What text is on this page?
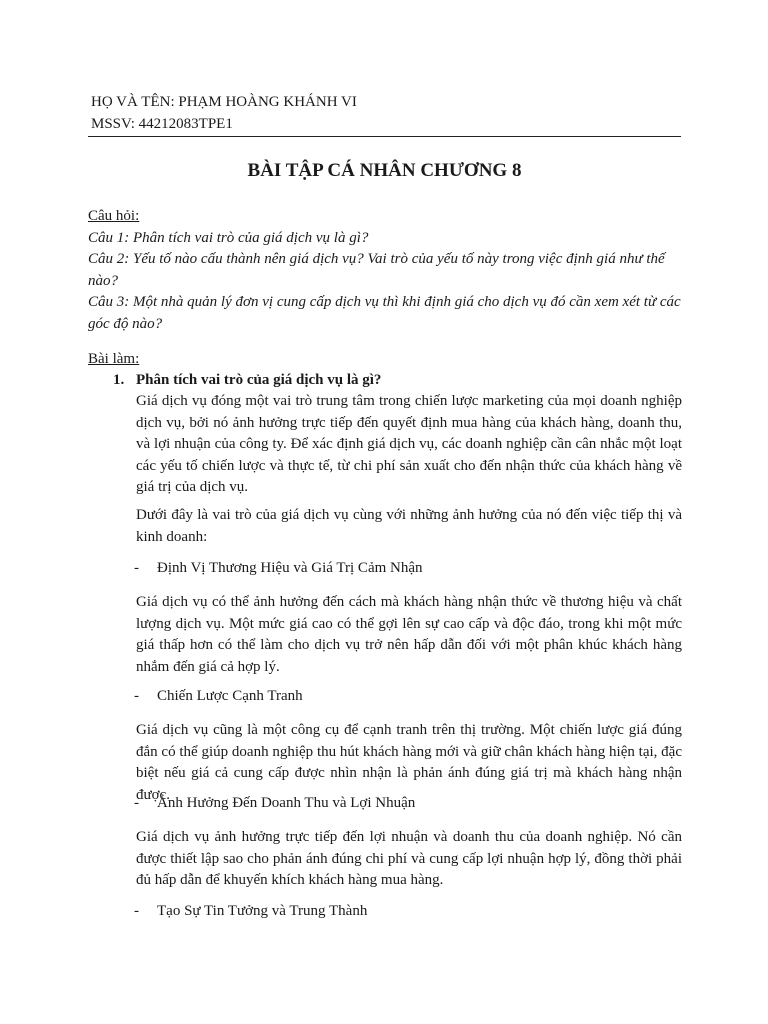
HỌ VÀ TÊN: PHẠM HOÀNG KHÁNH VI
MSSV: 44212083TPE1
BÀI TẬP CÁ NHÂN CHƯƠNG 8
Câu hỏi:
Câu 1: Phân tích vai trò của giá dịch vụ là gì?
Câu 2: Yếu tố nào cấu thành nên giá dịch vụ? Vai trò của yếu tố này trong việc định giá như thế nào?
Câu 3: Một nhà quản lý đơn vị cung cấp dịch vụ thì khi định giá cho dịch vụ đó cần xem xét từ các góc độ nào?
Bài làm:
1. Phân tích vai trò của giá dịch vụ là gì?
Giá dịch vụ đóng một vai trò trung tâm trong chiến lược marketing của mọi doanh nghiệp dịch vụ, bởi nó ảnh hưởng trực tiếp đến quyết định mua hàng của khách hàng, doanh thu, và lợi nhuận của công ty. Để xác định giá dịch vụ, các doanh nghiệp cần cân nhắc một loạt các yếu tố chiến lược và thực tế, từ chi phí sản xuất cho đến nhận thức của khách hàng về giá trị của dịch vụ.
Dưới đây là vai trò của giá dịch vụ cùng với những ảnh hưởng của nó đến việc tiếp thị và kinh doanh:
- Định Vị Thương Hiệu và Giá Trị Cảm Nhận
Giá dịch vụ có thể ảnh hưởng đến cách mà khách hàng nhận thức về thương hiệu và chất lượng dịch vụ. Một mức giá cao có thể gợi lên sự cao cấp và độc đáo, trong khi một mức giá thấp hơn có thể làm cho dịch vụ trở nên hấp dẫn đối với một phân khúc khách hàng nhắm đến giá cả hợp lý.
- Chiến Lược Cạnh Tranh
Giá dịch vụ cũng là một công cụ để cạnh tranh trên thị trường. Một chiến lược giá đúng đắn có thể giúp doanh nghiệp thu hút khách hàng mới và giữ chân khách hàng hiện tại, đặc biệt nếu giá cả cung cấp được nhìn nhận là phản ánh đúng giá trị mà khách hàng nhận được.
- Ảnh Hưởng Đến Doanh Thu và Lợi Nhuận
Giá dịch vụ ảnh hưởng trực tiếp đến lợi nhuận và doanh thu của doanh nghiệp. Nó cần được thiết lập sao cho phản ánh đúng chi phí và cung cấp lợi nhuận hợp lý, đồng thời phải đủ hấp dẫn để khuyến khích khách hàng mua hàng.
- Tạo Sự Tin Tưởng và Trung Thành
